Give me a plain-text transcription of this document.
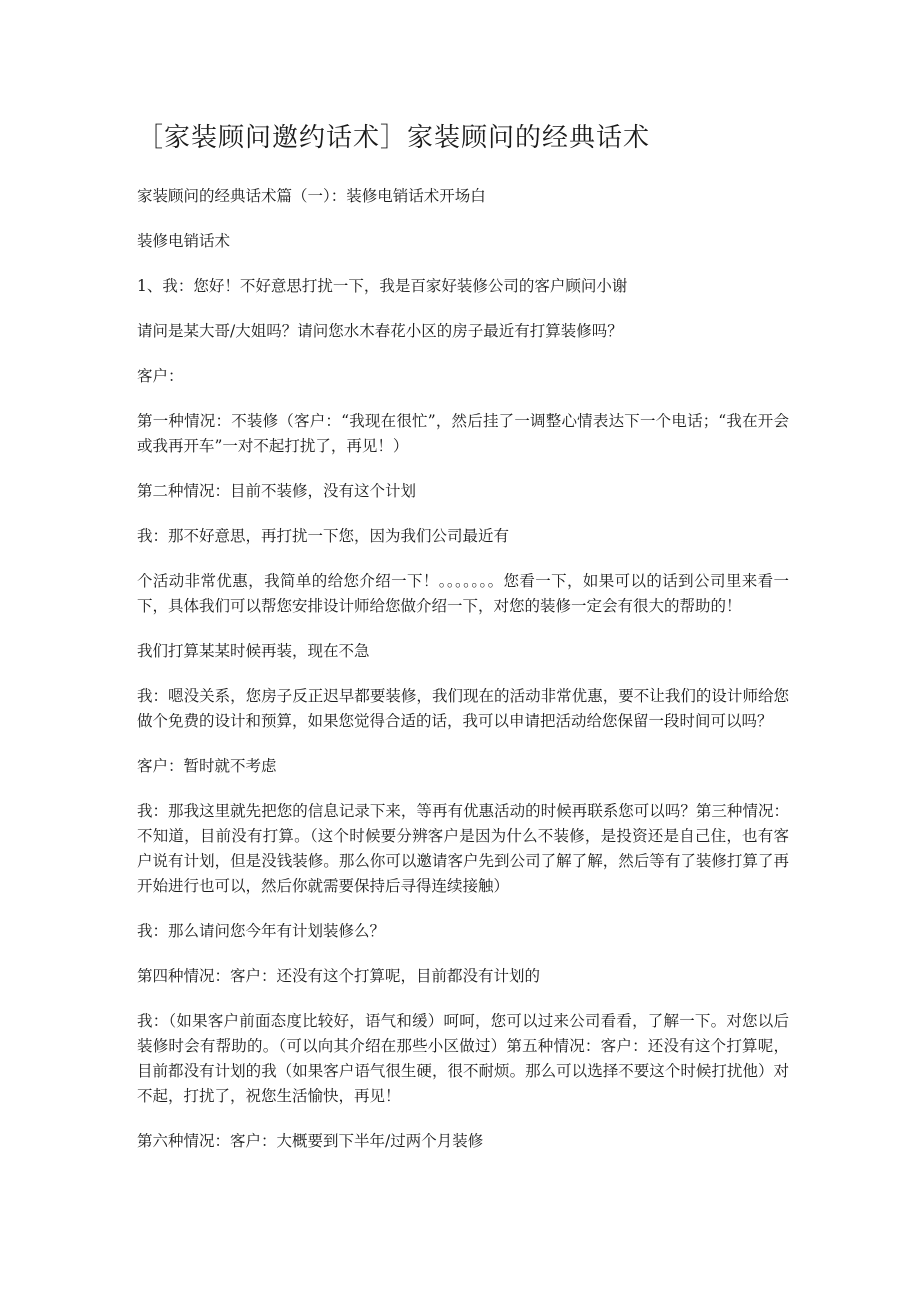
［家装顾问邀约话术］家装顾问的经典话术

家装顾问的经典话术篇（一）：装修电销话术开场白

装修电销话术

1、我：您好！不好意思打扰一下，我是百家好装修公司的客户顾问小谢

请问是某大哥/大姐吗？请问您水木春花小区的房子最近有打算装修吗？

客户：

第一种情况：不装修（客户：“我现在很忙”，然后挂了一调整心情表达下一个电话；“我在开会或我再开车”一对不起打扰了，再见！）

第二种情况：目前不装修，没有这个计划

我：那不好意思，再打扰一下您，因为我们公司最近有

个活动非常优惠，我简单的给您介绍一下！。。。。。。。您看一下，如果可以的话到公司里来看一下，具体我们可以帮您安排设计师给您做介绍一下，对您的装修一定会有很大的帮助的！

我们打算某某时候再装，现在不急

我：嗯没关系，您房子反正迟早都要装修，我们现在的活动非常优惠，要不让我们的设计师给您做个免费的设计和预算，如果您觉得合适的话，我可以申请把活动给您保留一段时间可以吗？

客户：暂时就不考虑

我：那我这里就先把您的信息记录下来，等再有优惠活动的时候再联系您可以吗？第三种情况：不知道，目前没有打算。（这个时候要分辨客户是因为什么不装修，是投资还是自己住，也有客户说有计划，但是没钱装修。那么你可以邀请客户先到公司了解了解，然后等有了装修打算了再开始进行也可以，然后你就需要保持后寻得连续接触）

我：那么请问您今年有计划装修么？

第四种情况：客户：还没有这个打算呢，目前都没有计划的

我：（如果客户前面态度比较好，语气和缓）呵呵，您可以过来公司看看，了解一下。对您以后装修时会有帮助的。（可以向其介绍在那些小区做过）第五种情况：客户：还没有这个打算呢，目前都没有计划的我（如果客户语气很生硬，很不耐烦。那么可以选择不要这个时候打扰他）对不起，打扰了，祝您生活愉快，再见！

第六种情况：客户：大概要到下半年/过两个月装修
